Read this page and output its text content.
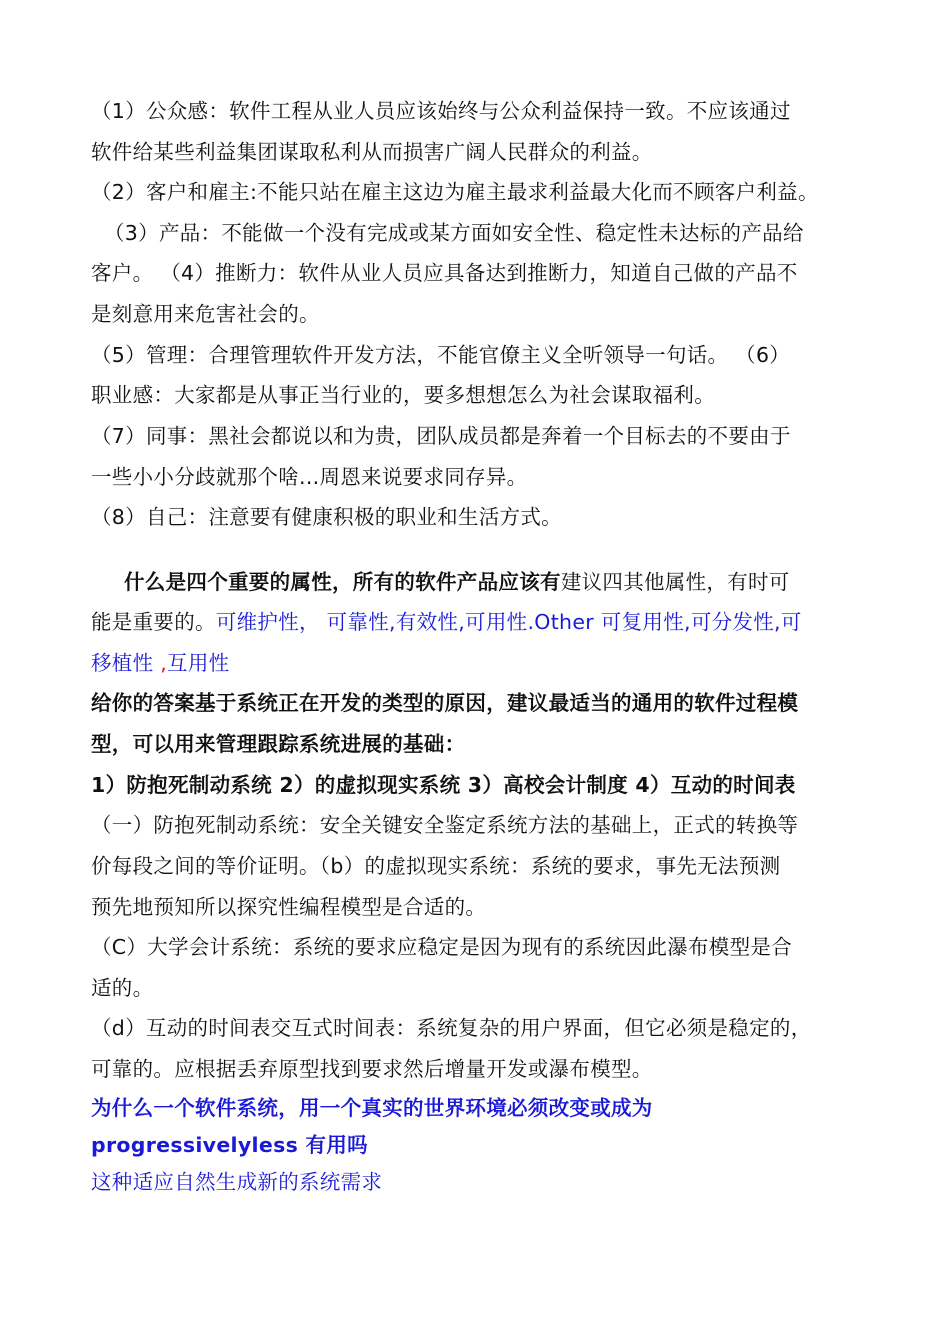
（1）公众感：软件工程从业人员应该始终与公众利益保持一致。不应该通过
软件给某些利益集团谋取私利从而损害广阔人民群众的利益。
（2）客户和雇主:不能只站在雇主这边为雇主最求利益最大化而不顾客户利益。
（3）产品：不能做一个没有完成或某方面如安全性、稳定性未达标的产品给
客户。 （4）推断力：软件从业人员应具备达到推断力，知道自己做的产品不
是刻意用来危害社会的。
（5）管理：合理管理软件开发方法，不能官僚主义全听领导一句话。 （6）
职业感：大家都是从事正当行业的，要多想想怎么为社会谋取福利。
（7）同事：黑社会都说以和为贵，团队成员都是奔着一个目标去的不要由于
一些小小分歧就那个啥...周恩来说要求同存异。
（8）自己：注意要有健康积极的职业和生活方式。
什么是四个重要的属性，所有的软件产品应该有建议四其他属性，有时可
能是重要的。可维护性， 可靠性,有效性,可用性.Other 可复用性,可分发性,可
移植性 ,互用性
给你的答案基于系统正在开发的类型的原因，建议最适当的通用的软件过程模
型，可以用来管理跟踪系统进展的基础：
1）防抱死制动系统 2）的虚拟现实系统 3）高校会计制度 4）互动的时间表
（一）防抱死制动系统：安全关键安全鉴定系统方法的基础上，正式的转换等
价每段之间的等价证明。（b）的虚拟现实系统：系统的要求，事先无法预测
预先地预知所以探究性编程模型是合适的。
（C）大学会计系统：系统的要求应稳定是因为现有的系统因此瀑布模型是合
适的。
（d）互动的时间表交互式时间表：系统复杂的用户界面，但它必须是稳定的，
可靠的。应根据丢弃原型找到要求然后增量开发或瀑布模型。
为什么一个软件系统，用一个真实的世界环境必须改变或成为
progressivelyless 有用吗
这种适应自然生成新的系统需求
